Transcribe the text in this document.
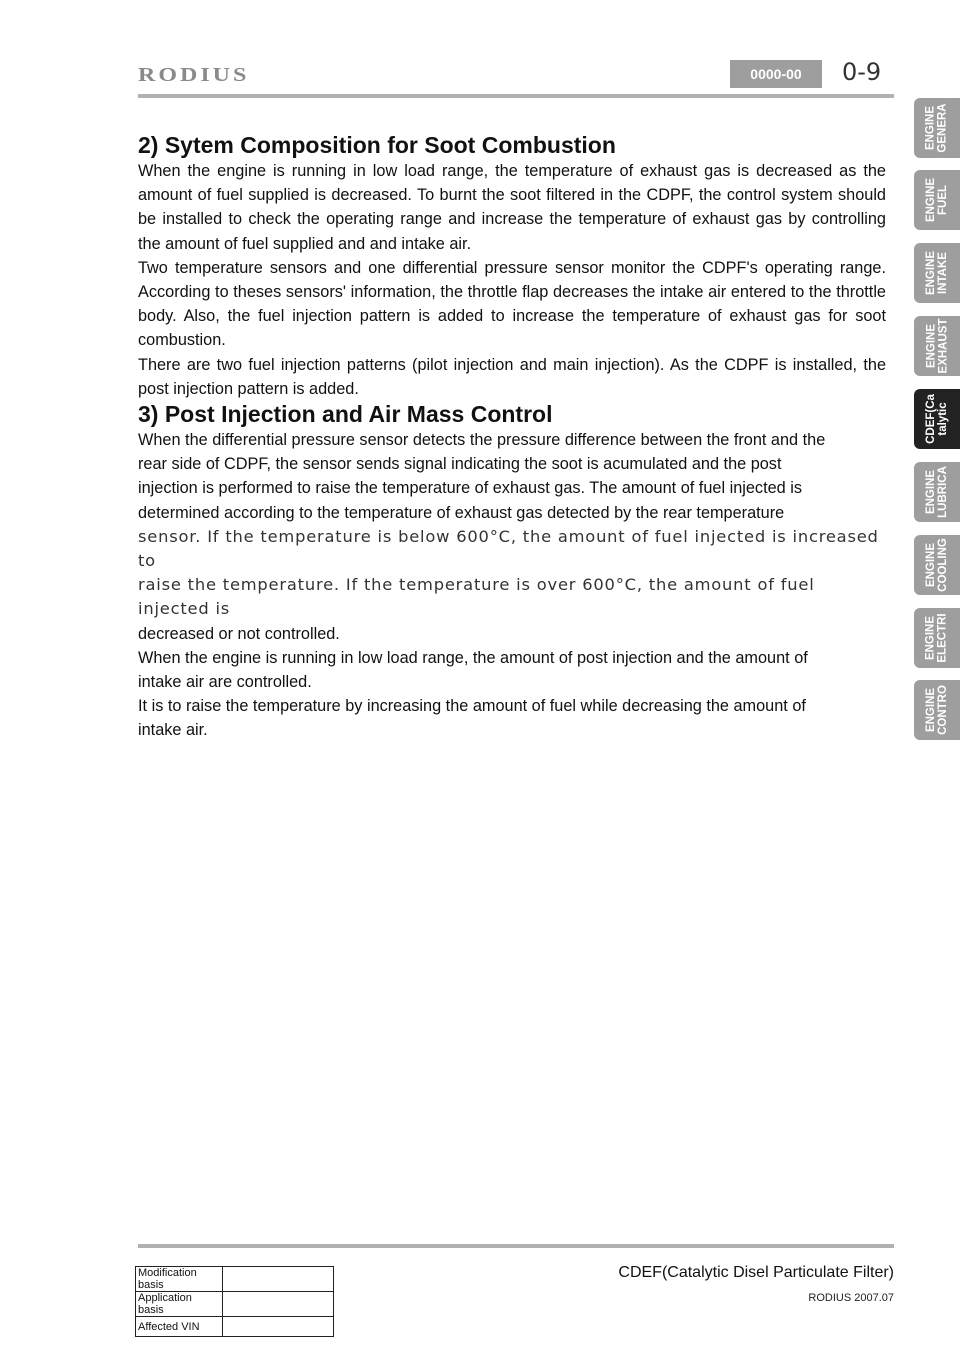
RODIUS	0000-00	0-9
2) Sytem Composition for Soot Combustion

When the engine is running in low load range, the temperature of exhaust gas is decreased as the amount of fuel supplied is decreased. To burnt the soot filtered in the CDPF, the control system should be installed to check the operating range and increase the temperature of exhaust gas by controlling the amount of fuel supplied and and intake air.

Two temperature sensors and one differential pressure sensor monitor the CDPF's operating range. According to theses sensors' information, the throttle flap decreases the intake air entered to the throttle body. Also, the fuel injection pattern is added to increase the temperature of exhaust gas for soot combustion.

There are two fuel injection patterns (pilot injection and main injection). As the CDPF is installed, the post injection pattern is added.

3) Post Injection and Air Mass Control

When the differential pressure sensor detects the pressure difference between the front and the

rear side of CDPF, the sensor sends signal indicating the soot is acumulated and the post

injection is performed to raise the temperature of exhaust gas. The amount of fuel injected is

determined according to the temperature of exhaust gas detected by the rear temperature

sensor. If the temperature is below 600°C, the amount of fuel injected is increased to

raise the temperature. If the temperature is over 600°C, the amount of fuel injected is

decreased or not controlled.

When the engine is running in low load range, the amount of post injection and the amount of

intake air are controlled.

It is to raise the temperature by increasing the amount of fuel while decreasing the amount of

intake air.

ENGINE
GENERA
ENGINE
FUEL
ENGINE
INTAKE
ENGINE
EXHAUST
CDEF(Ca
talytic
ENGINE
LUBRICA
ENGINE
COOLING
ENGINE
ELECTRI
ENGINE
CONTRO
Modification basis	
Application basis	
Affected VIN	
CDEF(Catalytic Disel Particulate Filter)
RODIUS 2007.07
